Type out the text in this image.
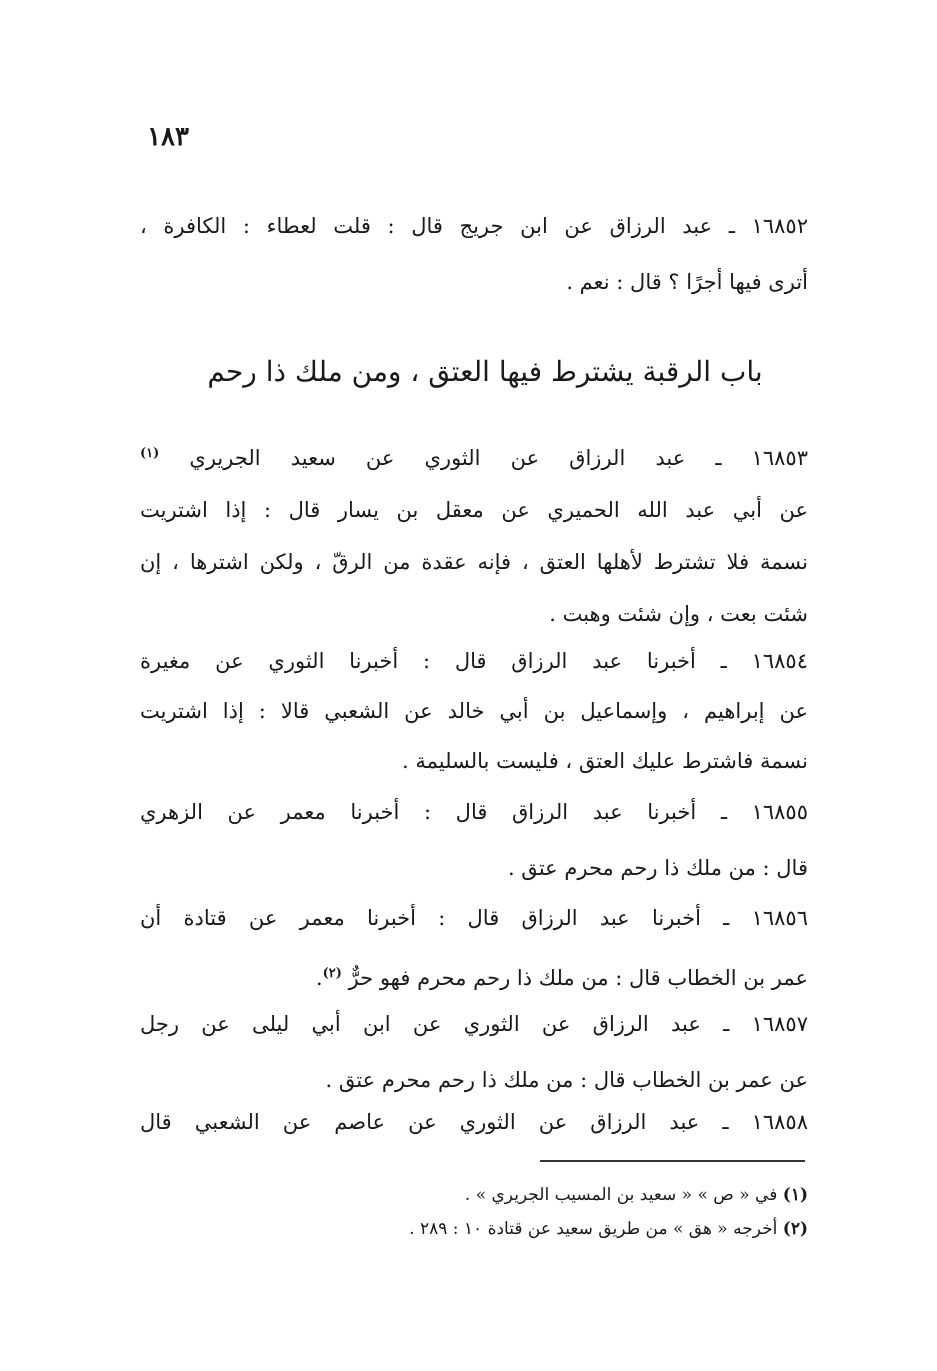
١٨٣
١٦٨٥٢ ـ عبد الرزاق عن ابن جريج قال : قلت لعطاء : الكافرة ،
أترى فيها أجرًا ؟ قال : نعم .
باب الرقبة يشترط فيها العتق ، ومن ملك ذا رحم
١٦٨٥٣ ـ عبد الرزاق عن الثوري عن سعيد الجريري $^{(١)}$
عن أبي عبد الله الحميري عن معقل بن يسار قال : إذا اشتريت
نسمة فلا تشترط لأهلها العتق ، فإنه عقدة من الرقّ ، ولكن اشترها ، إن
شئت بعت ، وإن شئت وهبت .
١٦٨٥٤ ـ أخبرنا عبد الرزاق قال : أخبرنا الثوري عن مغيرة
عن إبراهيم ، وإسماعيل بن أبي خالد عن الشعبي قالا : إذا اشتريت
نسمة فاشترط عليك العتق ، فليست بالسليمة .
١٦٨٥٥ ـ أخبرنا عبد الرزاق قال : أخبرنا معمر عن الزهري
قال : من ملك ذا رحم محرم عتق .
١٦٨٥٦ ـ أخبرنا عبد الرزاق قال : أخبرنا معمر عن قتادة أن
عمر بن الخطاب قال : من ملك ذا رحم محرم فهو حرٌّ $^{(٢)}$.
١٦٨٥٧ ـ عبد الرزاق عن الثوري عن ابن أبي ليلى عن رجل
عن عمر بن الخطاب قال : من ملك ذا رحم محرم عتق .
١٦٨٥٨ ـ عبد الرزاق عن الثوري عن عاصم عن الشعبي قال
(١) في « ص » « سعيد بن المسيب الجريري » .
(٢) أخرجه « هق » من طريق سعيد عن قتادة ١٠ : ٢٨٩ .
